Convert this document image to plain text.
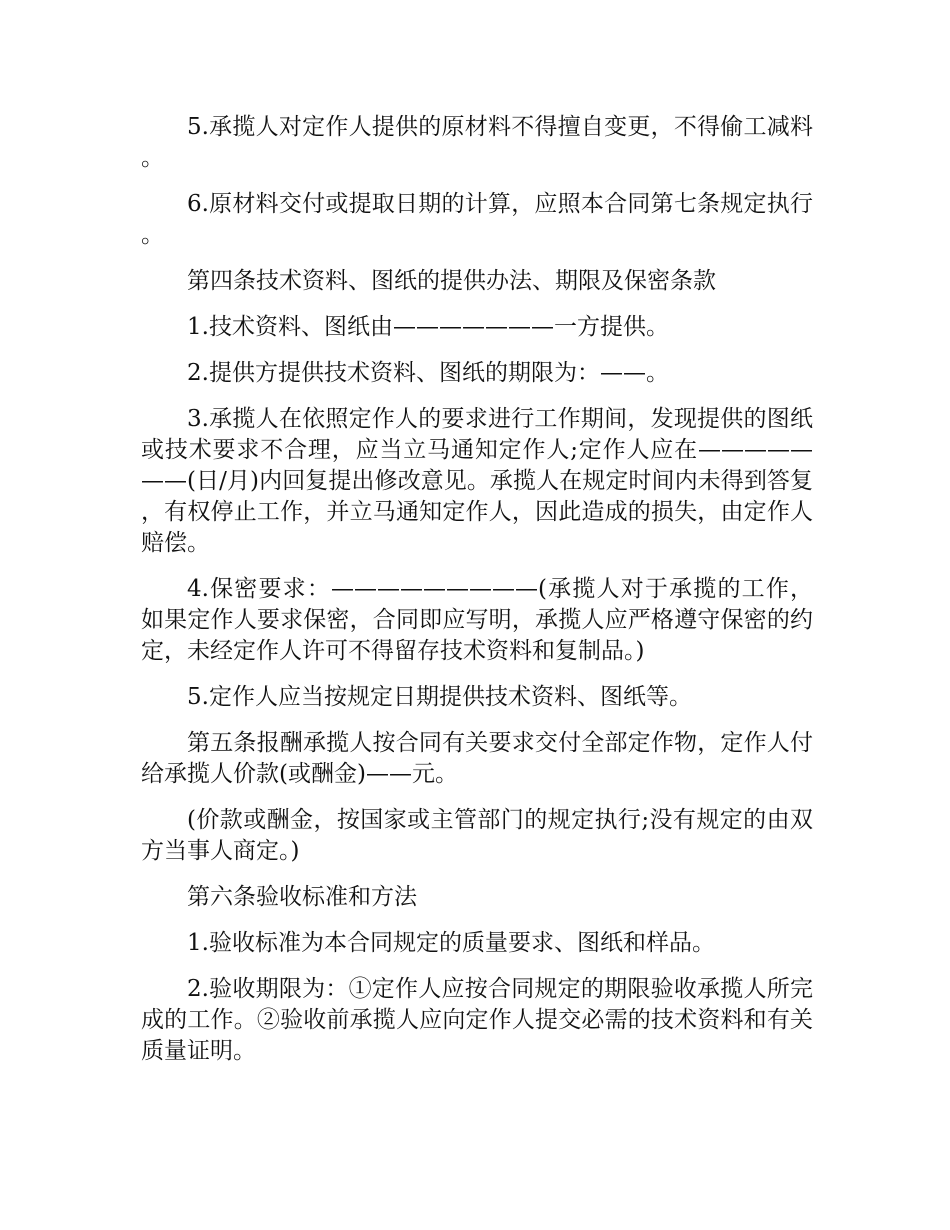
5.承揽人对定作人提供的原材料不得擅自变更，不得偷工减料。

6.原材料交付或提取日期的计算，应照本合同第七条规定执行。

第四条技术资料、图纸的提供办法、期限及保密条款

1.技术资料、图纸由———————一方提供。

2.提供方提供技术资料、图纸的期限为：——。

3.承揽人在依照定作人的要求进行工作期间，发现提供的图纸或技术要求不合理，应当立马通知定作人;定作人应在———————(日/月)内回复提出修改意见。承揽人在规定时间内未得到答复，有权停止工作，并立马通知定作人，因此造成的损失，由定作人赔偿。

4.保密要求：—————————(承揽人对于承揽的工作，如果定作人要求保密，合同即应写明，承揽人应严格遵守保密的约定，未经定作人许可不得留存技术资料和复制品。)

5.定作人应当按规定日期提供技术资料、图纸等。

第五条报酬承揽人按合同有关要求交付全部定作物，定作人付给承揽人价款(或酬金)——元。

(价款或酬金，按国家或主管部门的规定执行;没有规定的由双方当事人商定。)

第六条验收标准和方法

1.验收标准为本合同规定的质量要求、图纸和样品。

2.验收期限为：①定作人应按合同规定的期限验收承揽人所完成的工作。②验收前承揽人应向定作人提交必需的技术资料和有关质量证明。
